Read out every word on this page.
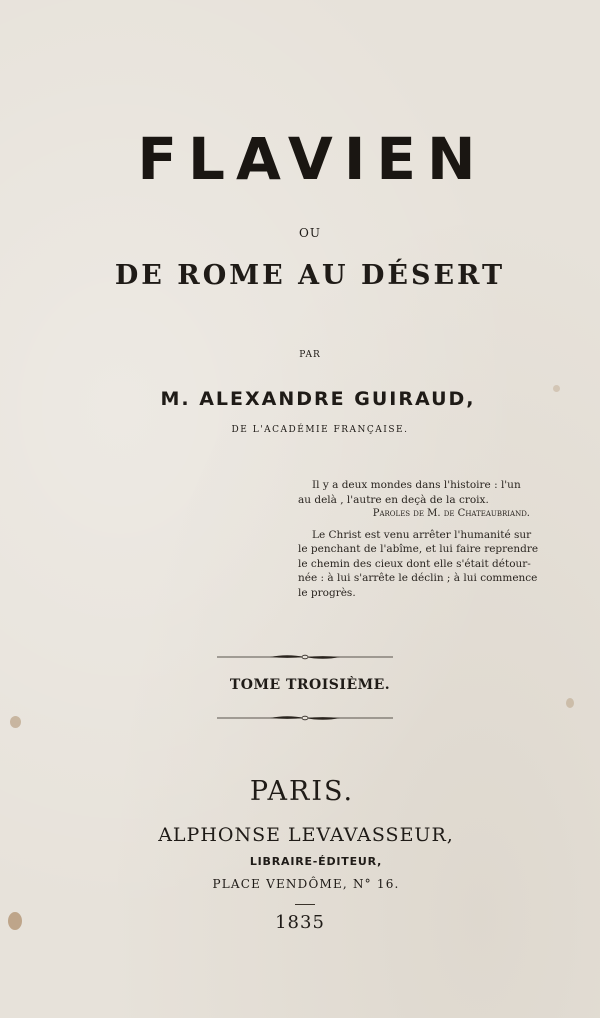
FLAVIEN
OU
DE ROME AU DÉSERT
PAR
M. ALEXANDRE GUIRAUD,
DE L'ACADÉMIE FRANÇAISE.
Il y a deux mondes dans l'histoire : l'un
au delà , l'autre en deçà de la croix.
Paroles de M. de Chateaubriand.
Le Christ est venu arrêter l'humanité sur
le penchant de l'abîme, et lui faire reprendre
le chemin des cieux dont elle s'était détour-
née : à lui s'arrête le déclin ; à lui commence
le progrès.
TOME TROISIÈME.
PARIS.
ALPHONSE LEVAVASSEUR,
LIBRAIRE-ÉDITEUR,
PLACE VENDÔME, N° 16.
1835
